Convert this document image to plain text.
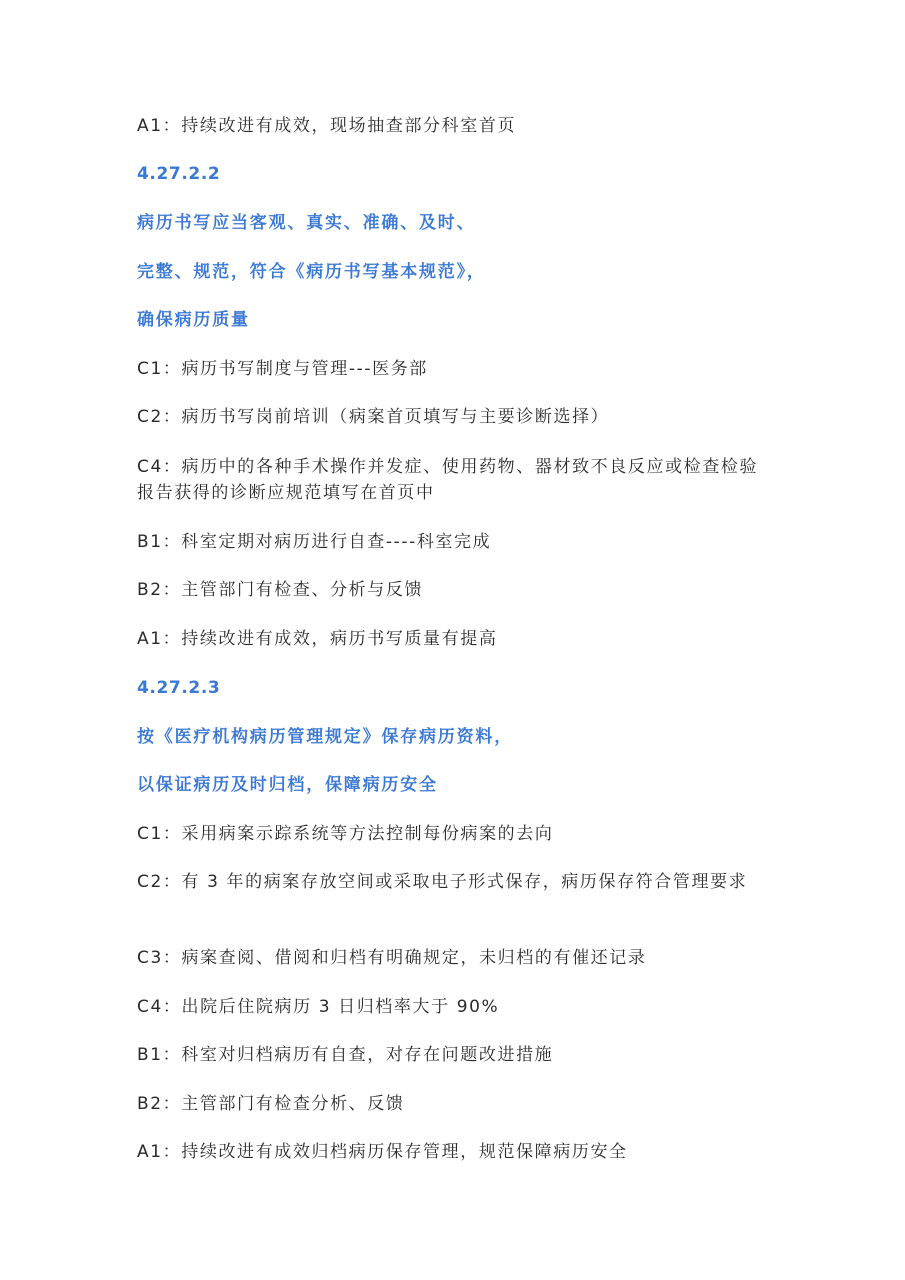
A1：持续改进有成效，现场抽查部分科室首页
4.27.2.2
病历书写应当客观、真实、准确、及时、
完整、规范，符合《病历书写基本规范》，
确保病历质量
C1：病历书写制度与管理---医务部
C2：病历书写岗前培训（病案首页填写与主要诊断选择）
C4：病历中的各种手术操作并发症、使用药物、器材致不良反应或检查检验报告获得的诊断应规范填写在首页中
B1：科室定期对病历进行自查----科室完成
B2：主管部门有检查、分析与反馈
A1：持续改进有成效，病历书写质量有提高
4.27.2.3
按《医疗机构病历管理规定》保存病历资料，
以保证病历及时归档，保障病历安全
C1：采用病案示踪系统等方法控制每份病案的去向
C2：有 3 年的病案存放空间或采取电子形式保存，病历保存符合管理要求
C3：病案查阅、借阅和归档有明确规定，未归档的有催还记录
C4：出院后住院病历 3 日归档率大于 90%
B1：科室对归档病历有自查，对存在问题改进措施
B2：主管部门有检查分析、反馈
A1：持续改进有成效归档病历保存管理，规范保障病历安全
